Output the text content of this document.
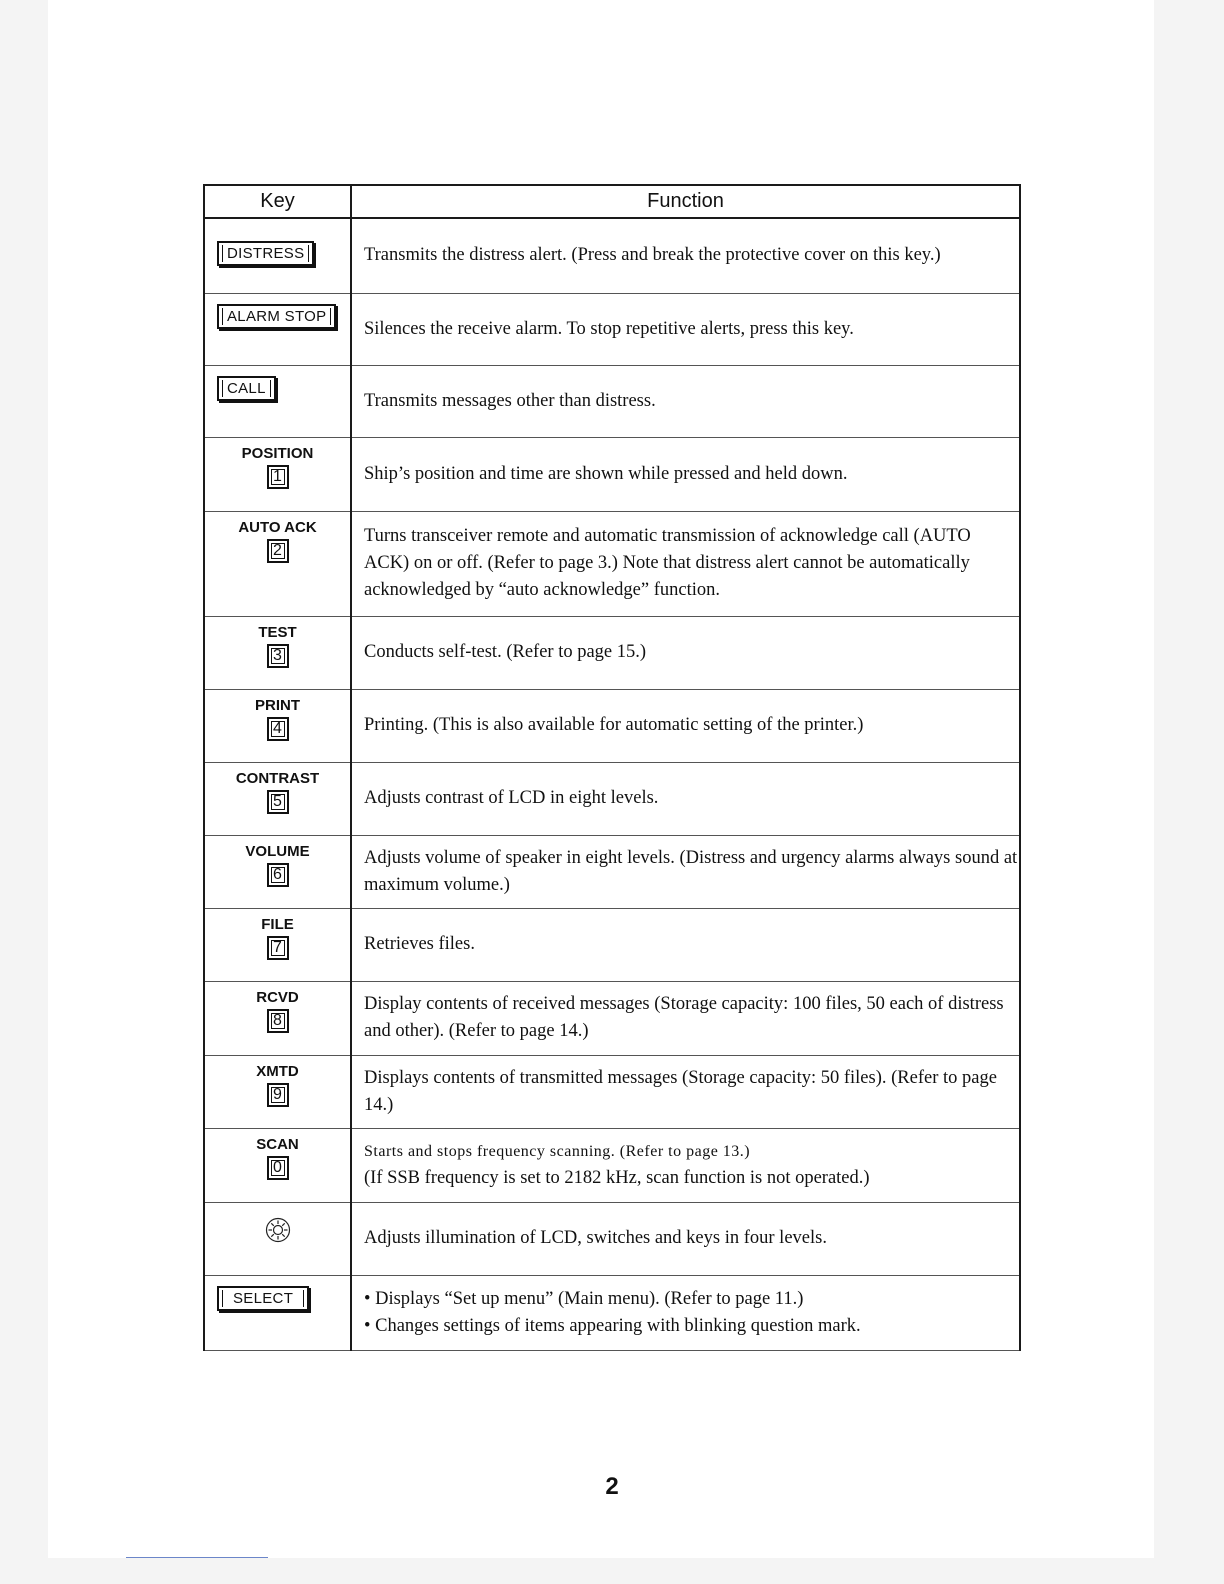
Key	Function

DISTRESS	Transmits the distress alert. (Press and break the protective cover on this key.)

ALARM STOP	Silences the receive alarm. To stop repetitive alerts, press this key.

CALL	Transmits messages other than distress.

POSITION
1	Ship’s position and time are shown while pressed and held down.

AUTO ACK
2	Turns transceiver remote and automatic transmission of acknowledge call (AUTO ACK) on or off. (Refer to page 3.) Note that distress alert cannot be automatically acknowledged by “auto acknowledge” function.

TEST
3	Conducts self-test. (Refer to page 15.)

PRINT
4	Printing. (This is also available for automatic setting of the printer.)

CONTRAST
5	Adjusts contrast of LCD in eight levels.

VOLUME
6	Adjusts volume of speaker in eight levels. (Distress and urgency alarms always sound at maximum volume.)

FILE
7	Retrieves files.

RCVD
8	Display contents of received messages (Storage capacity: 100 files, 50 each of distress and other). (Refer to page 14.)

XMTD
9	Displays contents of transmitted messages (Storage capacity: 50 files). (Refer to page 14.)

SCAN
0	Starts and stops frequency scanning. (Refer to page 13.)
(If SSB frequency is set to 2182 kHz, scan function is not operated.)

	Adjusts illumination of LCD, switches and keys in four levels.

SELECT	• Displays “Set up menu” (Main menu). (Refer to page 11.)
• Changes settings of items appearing with blinking question mark.
2
